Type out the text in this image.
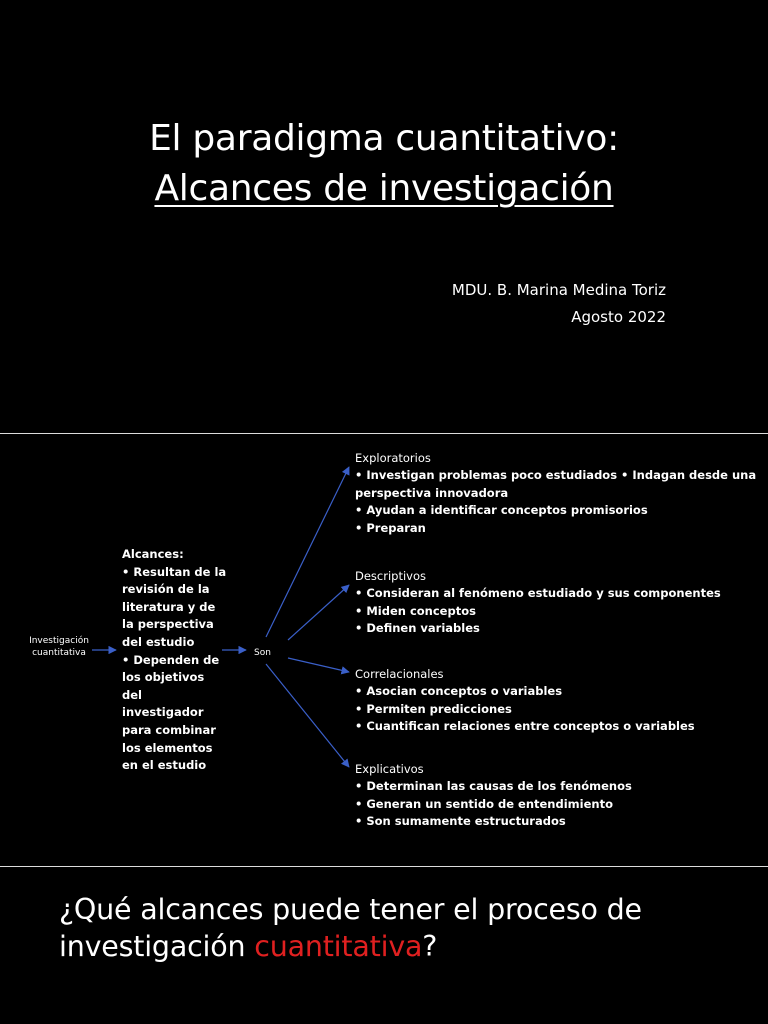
El paradigma cuantitativo:
Alcances de investigación
MDU. B. Marina Medina Toriz
Agosto 2022
Investigación cuantitativa	Son
Alcances:
• Resultan de la
revisión de la
literatura y de
la perspectiva
del estudio
• Dependen de
los objetivos del
investigador
para combinar
los elementos
en el estudio
Exploratorios
• Investigan problemas poco estudiados • Indagan desde una
perspectiva innovadora
• Ayudan a identificar conceptos promisorios
• Preparan
Descriptivos
• Consideran al fenómeno estudiado y sus componentes
• Miden conceptos
• Definen variables
Correlacionales
• Asocian conceptos o variables
• Permiten predicciones
• Cuantifican relaciones entre conceptos o variables
Explicativos
• Determinan las causas de los fenómenos
• Generan un sentido de entendimiento
• Son sumamente estructurados
¿Qué alcances puede tener el proceso de investigación cuantitativa?
